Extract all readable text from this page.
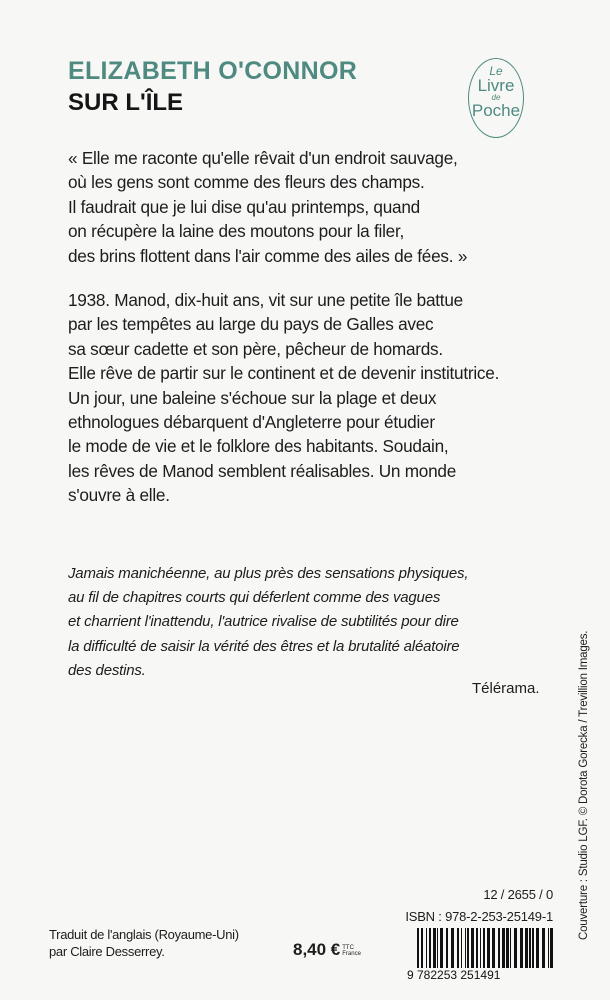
ELIZABETH O'CONNOR
SUR L'ÎLE
Le
Livre
de
Poche
« Elle me raconte qu'elle rêvait d'un endroit sauvage,
où les gens sont comme des fleurs des champs.
Il faudrait que je lui dise qu'au printemps, quand
on récupère la laine des moutons pour la filer,
des brins flottent dans l'air comme des ailes de fées. »
1938. Manod, dix-huit ans, vit sur une petite île battue
par les tempêtes au large du pays de Galles avec
sa sœur cadette et son père, pêcheur de homards.
Elle rêve de partir sur le continent et de devenir institutrice.
Un jour, une baleine s'échoue sur la plage et deux
ethnologues débarquent d'Angleterre pour étudier
le mode de vie et le folklore des habitants. Soudain,
les rêves de Manod semblent réalisables. Un monde
s'ouvre à elle.
Jamais manichéenne, au plus près des sensations physiques,
au fil de chapitres courts qui déferlent comme des vagues
et charrient l'inattendu, l'autrice rivalise de subtilités pour dire
la difficulté de saisir la vérité des êtres et la brutalité aléatoire
des destins.
Télérama.
Traduit de l'anglais (Royaume-Uni)
par Claire Desserrey.	8,40 € TTC
France
12 / 2655 / 0
ISBN : 978-2-253-25149-1
9 782253 251491
Couverture : Studio LGF. © Dorota Gorecka / Trevillion Images.
